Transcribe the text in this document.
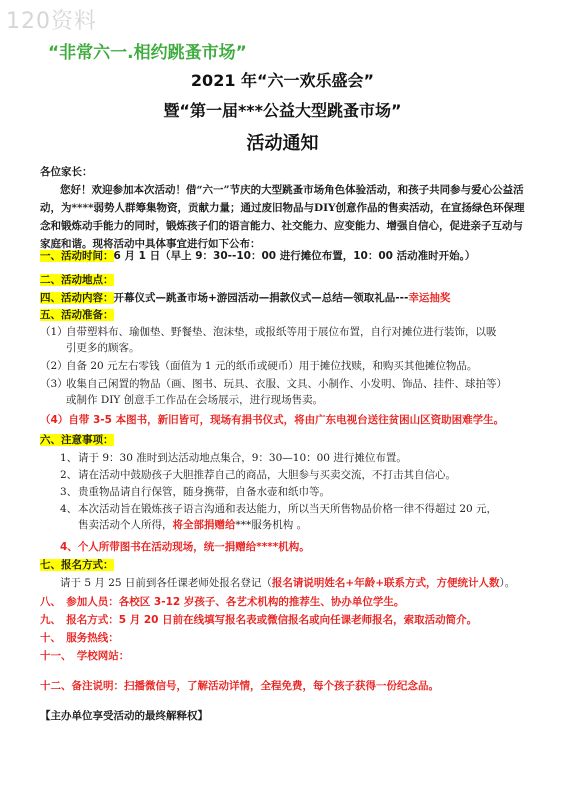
120资料
“非常六一.相约跳蚤市场”
2021 年“六一欢乐盛会”
暨“第一届***公益大型跳蚤市场”
活动通知
各位家长：
您好！欢迎参加本次活动！借“六一”节庆的大型跳蚤市场角色体验活动，和孩子共同参与爱心公益活动，为****弱势人群筹集物资，贡献力量；通过废旧物品与DIY创意作品的售卖活动，在宣扬绿色环保理念和锻炼动手能力的同时，锻炼孩子们的语言能力、社交能力、应变能力、增强自信心，促进亲子互动与家庭和谐。现将活动中具体事宜进行如下公布：
一、活动时间：6 月 1 日（早上 9：30--10：00 进行摊位布置，10：00 活动准时开始。）
二、活动地点：
四、活动内容：开幕仪式—跳蚤市场+游园活动—捐款仪式—总结—领取礼品---幸运抽奖
五、活动准备：
（1）自带塑料布、瑜伽垫、野餐垫、泡沫垫，或报纸等用于展位布置，自行对摊位进行装饰，以吸
引更多的顾客。
（2）自备 20 元左右零钱（面值为 1 元的纸币或硬币）用于摊位找赎，和购买其他摊位物品。
（3）收集自己闲置的物品（画、图书、玩具、衣服、文具、小制作、小发明、饰品、挂件、球拍等）
或制作 DIY 创意手工作品在会场展示，进行现场售卖。
（4）自带 3-5 本图书，新旧皆可，现场有捐书仪式，将由广东电视台送往贫困山区资助困难学生。
六、注意事项：
1、请于 9：30 准时到达活动地点集合，9：30—10：00 进行摊位布置。
2、请在活动中鼓励孩子大胆推荐自己的商品，大胆参与买卖交流，不打击其自信心。
3、贵重物品请自行保管，随身携带，自备水壶和纸巾等。
4、本次活动旨在锻炼孩子语言沟通和表达能力，所以当天所售物品价格一律不得超过 20 元，
售卖活动个人所得，将全部捐赠给***服务机构 。
4、个人所带图书在活动现场，统一捐赠给****机构。
七、报名方式：
请于 5 月 25 日前到各任课老师处报名登记（报名请说明姓名+年龄+联系方式，方便统计人数）。
八、　参加人员：各校区 3-12 岁孩子、各艺术机构的推荐生、协办单位学生。
九、　报名方式：5 月 20 日前在线填写报名表或微信报名或向任课老师报名，索取活动简介。
十、　服务热线：
十一、　学校网站：
十二、备注说明：扫播微信号，了解活动详情，全程免费，每个孩子获得一份纪念品。
【主办单位享受活动的最终解释权】
